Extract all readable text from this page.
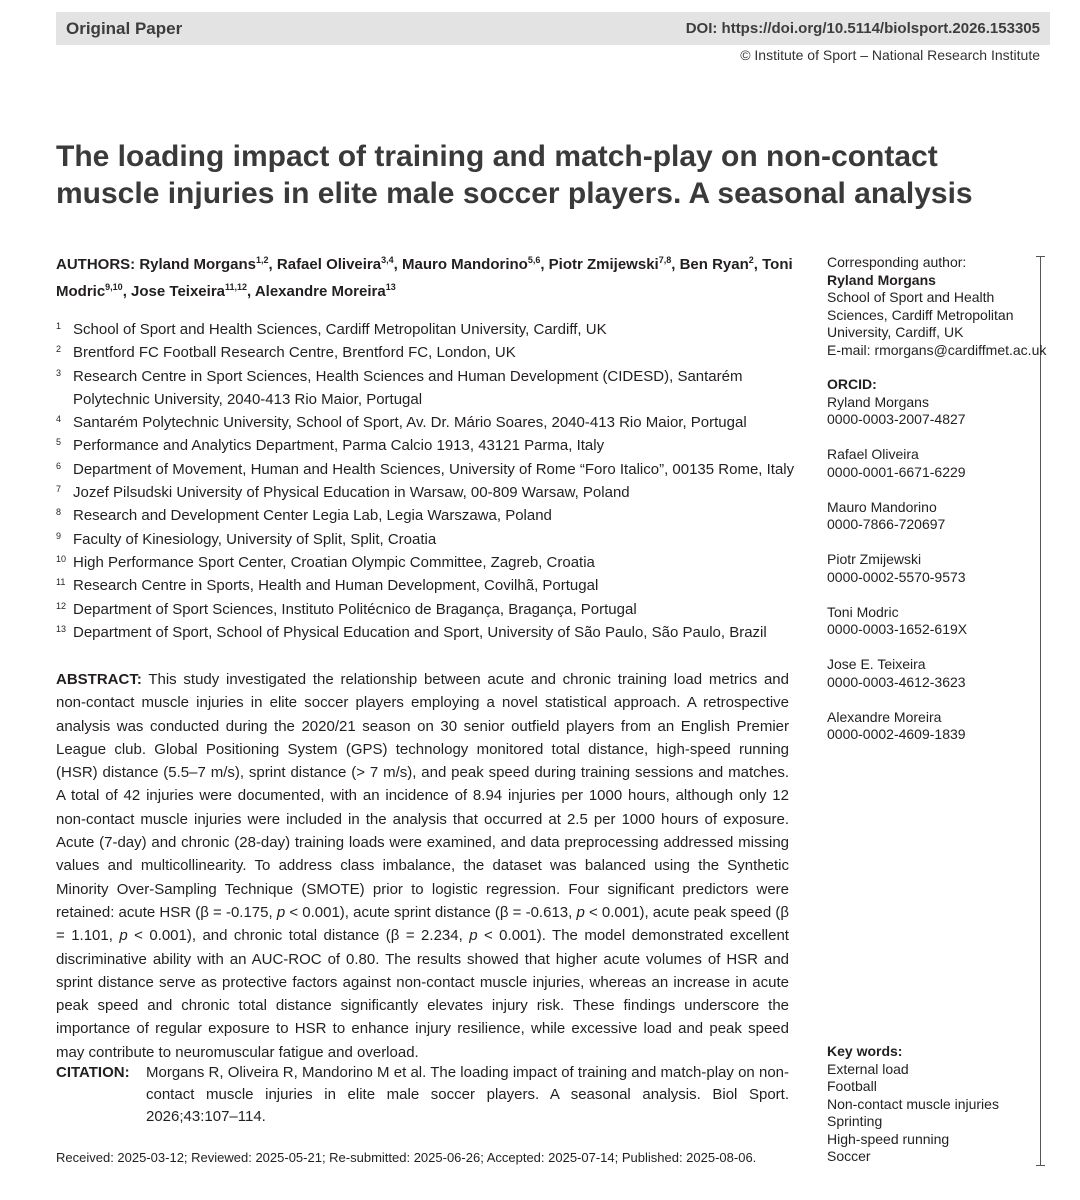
Original Paper	DOI: https://doi.org/10.5114/biolsport.2026.153305
© Institute of Sport – National Research Institute
The loading impact of training and match-play on non-contact muscle injuries in elite male soccer players. A seasonal analysis
AUTHORS: Ryland Morgans$^{1,2}$, Rafael Oliveira$^{3,4}$, Mauro Mandorino$^{5,6}$, Piotr Zmijewski$^{7,8}$, Ben Ryan$^2$, Toni Modric$^{9,10}$, Jose Teixeira$^{11,12}$, Alexandre Moreira$^{13}$
1 School of Sport and Health Sciences, Cardiff Metropolitan University, Cardiff, UK
2 Brentford FC Football Research Centre, Brentford FC, London, UK
3 Research Centre in Sport Sciences, Health Sciences and Human Development (CIDESD), Santarém Polytechnic University, 2040-413 Rio Maior, Portugal
4 Santarém Polytechnic University, School of Sport, Av. Dr. Mário Soares, 2040-413 Rio Maior, Portugal
5 Performance and Analytics Department, Parma Calcio 1913, 43121 Parma, Italy
6 Department of Movement, Human and Health Sciences, University of Rome “Foro Italico”, 00135 Rome, Italy
7 Jozef Pilsudski University of Physical Education in Warsaw, 00-809 Warsaw, Poland
8 Research and Development Center Legia Lab, Legia Warszawa, Poland
9 Faculty of Kinesiology, University of Split, Split, Croatia
10 High Performance Sport Center, Croatian Olympic Committee, Zagreb, Croatia
11 Research Centre in Sports, Health and Human Development, Covilhã, Portugal
12 Department of Sport Sciences, Instituto Politécnico de Bragança, Bragança, Portugal
13 Department of Sport, School of Physical Education and Sport, University of São Paulo, São Paulo, Brazil
ABSTRACT: This study investigated the relationship between acute and chronic training load metrics and non-contact muscle injuries in elite soccer players employing a novel statistical approach. A retrospective analysis was conducted during the 2020/21 season on 30 senior outfield players from an English Premier League club. Global Positioning System (GPS) technology monitored total distance, high-speed running (HSR) distance (5.5–7 m/s), sprint distance (> 7 m/s), and peak speed during training sessions and matches. A total of 42 injuries were documented, with an incidence of 8.94 injuries per 1000 hours, although only 12 non-contact muscle injuries were included in the analysis that occurred at 2.5 per 1000 hours of exposure. Acute (7-day) and chronic (28-day) training loads were examined, and data preprocessing addressed missing values and multicollinearity. To address class imbalance, the dataset was balanced using the Synthetic Minority Over-Sampling Technique (SMOTE) prior to logistic regression. Four significant predictors were retained: acute HSR (β = -0.175, p < 0.001), acute sprint distance (β = -0.613, p < 0.001), acute peak speed (β = 1.101, p < 0.001), and chronic total distance (β = 2.234, p < 0.001). The model demonstrated excellent discriminative ability with an AUC-ROC of 0.80. The results showed that higher acute volumes of HSR and sprint distance serve as protective factors against non-contact muscle injuries, whereas an increase in acute peak speed and chronic total distance significantly elevates injury risk. These findings underscore the importance of regular exposure to HSR to enhance injury resilience, while excessive load and peak speed may contribute to neuromuscular fatigue and overload.
CITATION: Morgans R, Oliveira R, Mandorino M et al. The loading impact of training and match-play on non-contact muscle injuries in elite male soccer players. A seasonal analysis. Biol Sport. 2026;43:107–114.
Received: 2025-03-12; Reviewed: 2025-05-21; Re-submitted: 2025-06-26; Accepted: 2025-07-14; Published: 2025-08-06.
Corresponding author:
Ryland Morgans
School of Sport and Health
Sciences, Cardiff Metropolitan
University, Cardiff, UK
E-mail: rmorgans@cardiffmet.ac.uk
ORCID:
Ryland Morgans
0000-0003-2007-4827
Rafael Oliveira
0000-0001-6671-6229
Mauro Mandorino
0000-7866-720697
Piotr Zmijewski
0000-0002-5570-9573
Toni Modric
0000-0003-1652-619X
Jose E. Teixeira
0000-0003-4612-3623
Alexandre Moreira
0000-0002-4609-1839
Key words:
External load
Football
Non-contact muscle injuries
Sprinting
High-speed running
Soccer
